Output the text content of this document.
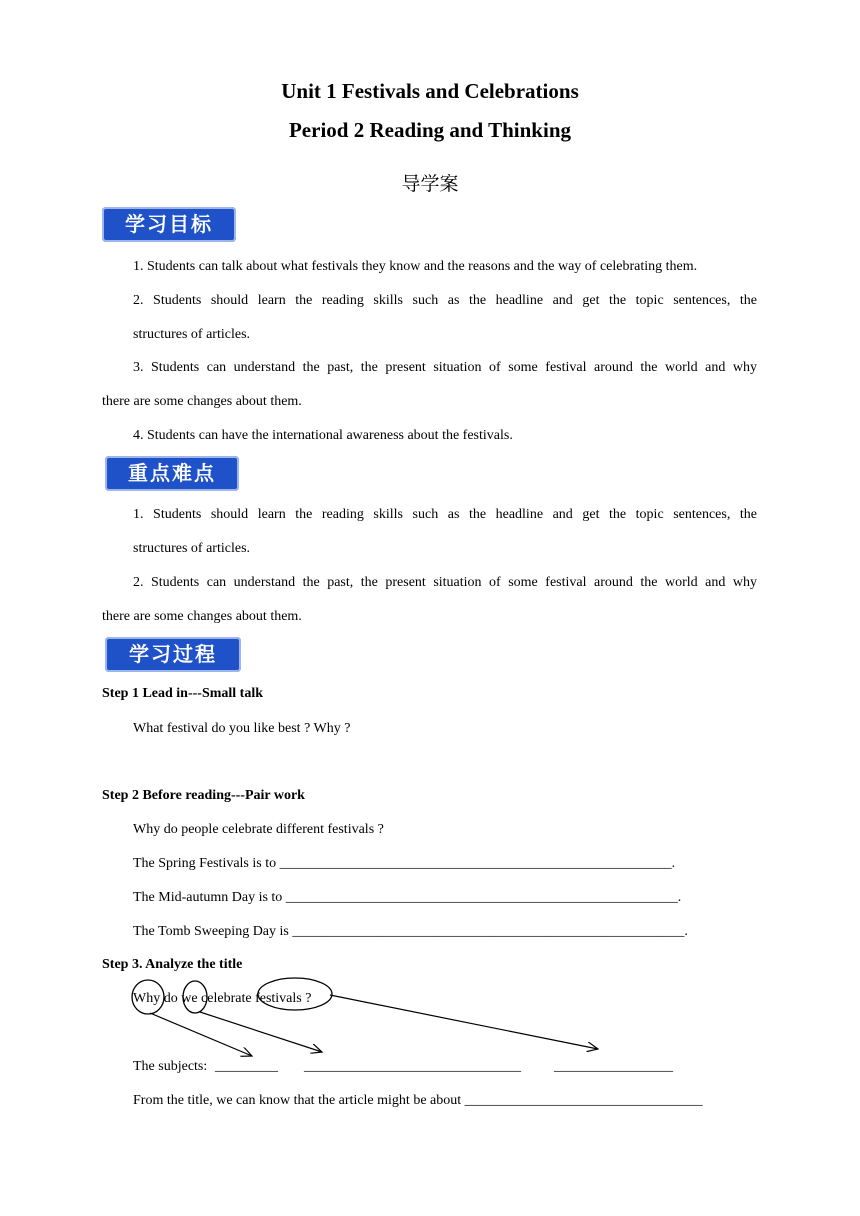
Unit 1 Festivals and Celebrations
Period 2 Reading and Thinking
导学案
学习目标
1. Students can talk about what festivals they know and the reasons and the way of celebrating them.
2. Students should learn the reading skills such as the headline and get the topic sentences, the
structures of articles.
3. Students can understand the past, the present situation of some festival around the world and why
there are some changes about them.
4. Students can have the international awareness about the festivals.
重点难点
1. Students should learn the reading skills such as the headline and get the topic sentences, the
structures of articles.
2. Students can understand the past, the present situation of some festival around the world and why
there are some changes about them.
学习过程
Step 1 Lead in---Small talk
What festival do you like best ? Why ?
Step 2 Before reading---Pair work
Why do people celebrate different festivals ?
The Spring Festivals is to ________________________________________________________.
The Mid-autumn Day is to ________________________________________________________.
The Tomb Sweeping Day is ________________________________________________________.
Step 3. Analyze the title
Why do we celebrate festivals ?
The subjects: _________ _______________________________ _________________
From the title, we can know that the article might be about __________________________________
